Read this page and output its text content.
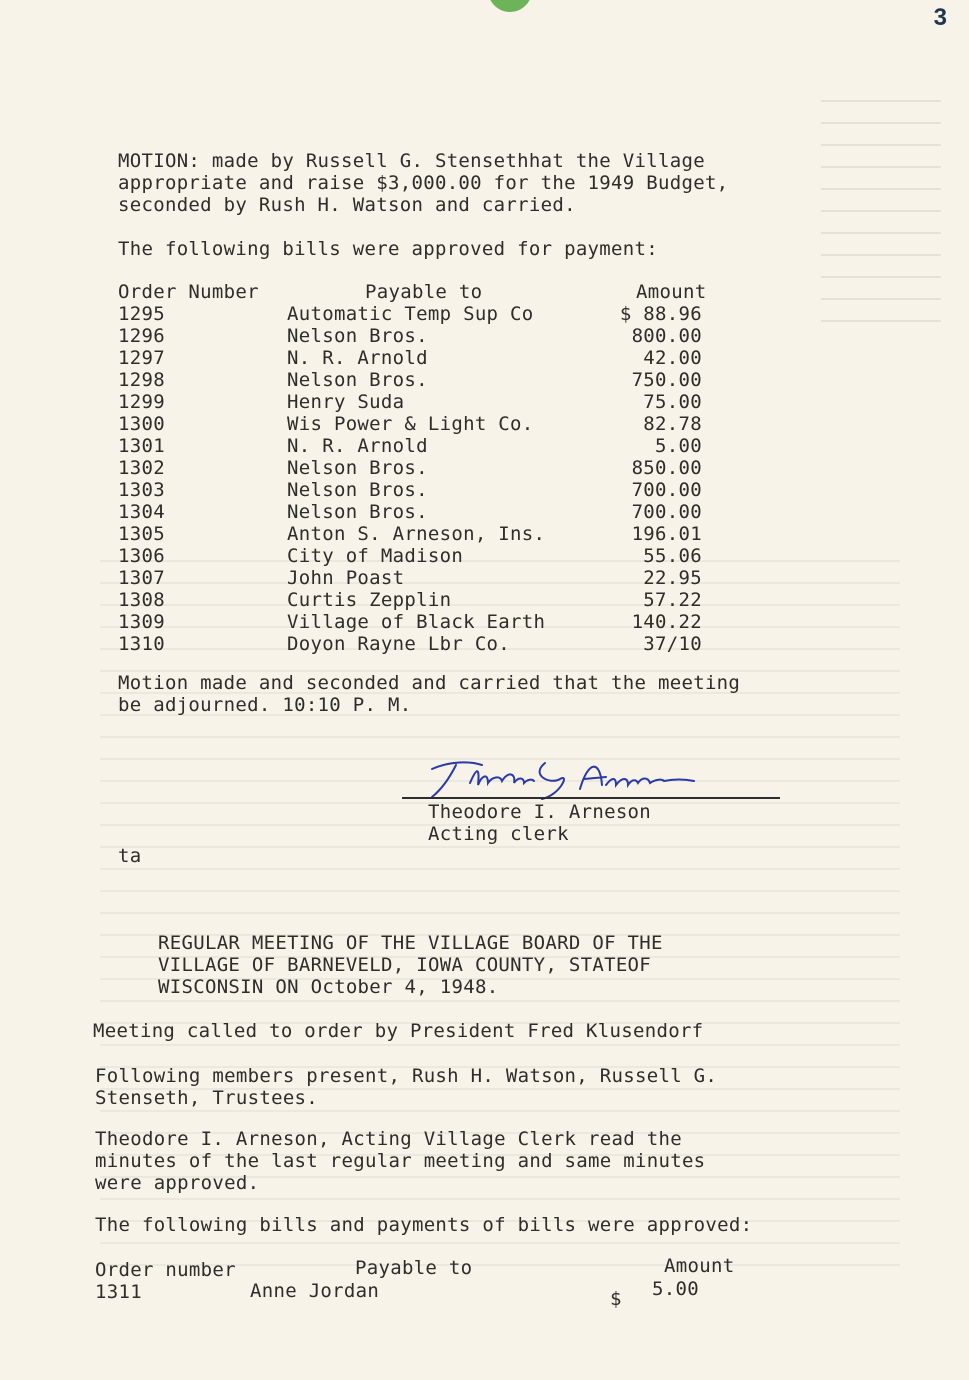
3
MOTION: made by Russell G. Stensethhat the Village
appropriate and raise $3,000.00 for the 1949 Budget,
seconded by Rush H. Watson and carried.
The following bills were approved for payment:
Order Number	Payable to	Amount
1295	Automatic Temp Sup Co	$ 88.96
1296	Nelson Bros.	800.00
1297	N. R. Arnold	42.00
1298	Nelson Bros.	750.00
1299	Henry Suda	75.00
1300	Wis Power & Light Co.	82.78
1301	N. R. Arnold	5.00
1302	Nelson Bros.	850.00
1303	Nelson Bros.	700.00
1304	Nelson Bros.	700.00
1305	Anton S. Arneson, Ins.	196.01
1306	City of Madison	55.06
1307	John Poast	22.95
1308	Curtis Zepplin	57.22
1309	Village of Black Earth	140.22
1310	Doyon Rayne Lbr Co.	37/10
Motion made and seconded and carried that the meeting
be adjourned. 10:10 P. M.
Theodore I. Arneson
Acting clerk
ta
REGULAR MEETING OF THE VILLAGE BOARD OF THE
VILLAGE OF BARNEVELD, IOWA COUNTY, STATEOF
WISCONSIN ON October 4, 1948.
Meeting called to order by President Fred Klusendorf
Following members present, Rush H. Watson, Russell G.
Stenseth, Trustees.
Theodore I. Arneson, Acting Village Clerk read the
minutes of the last regular meeting and same minutes
were approved.
The following bills and payments of bills were approved:
Order number	Payable to	Amount
1311	Anne Jordan	$ 5.00
